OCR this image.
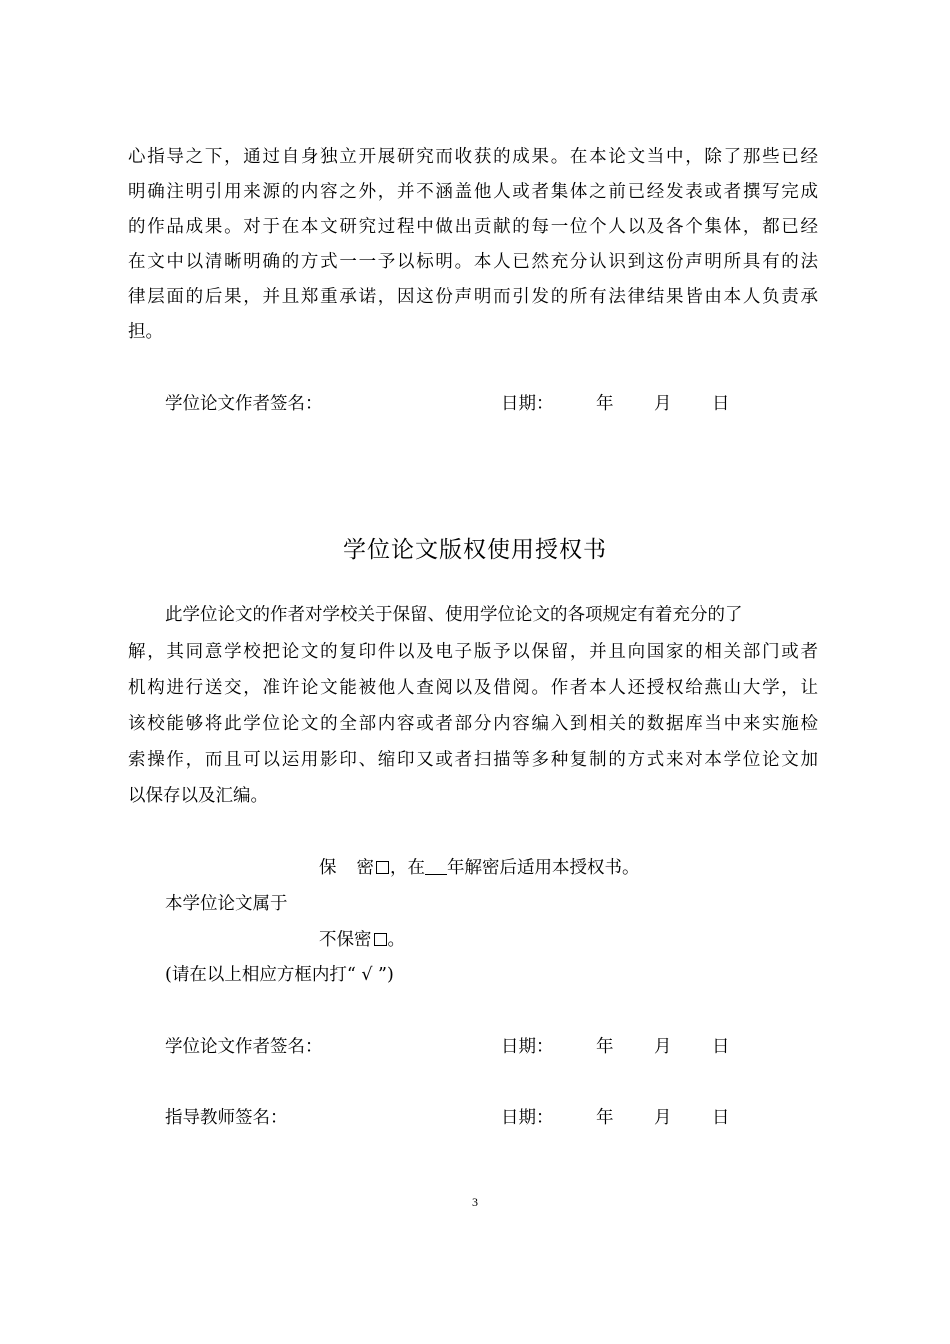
心指导之下，通过自身独立开展研究而收获的成果。在本论文当中，除了那些已经
明确注明引用来源的内容之外，并不涵盖他人或者集体之前已经发表或者撰写完成
的作品成果。对于在本文研究过程中做出贡献的每一位个人以及各个集体，都已经
在文中以清晰明确的方式一一予以标明。本人已然充分认识到这份声明所具有的法
律层面的后果，并且郑重承诺，因这份声明而引发的所有法律结果皆由本人负责承
担。
学位论文作者签名：	日期： 年 月 日
学位论文版权使用授权书
此学位论文的作者对学校关于保留、使用学位论文的各项规定有着充分的了
解，其同意学校把论文的复印件以及电子版予以保留，并且向国家的相关部门或者
机构进行送交，准许论文能被他人查阅以及借阅。作者本人还授权给燕山大学，让
该校能够将此学位论文的全部内容或者部分内容编入到相关的数据库当中来实施检
索操作，而且可以运用影印、缩印又或者扫描等多种复制的方式来对本学位论文加
以保存以及汇编。
保 密 ，在 年解密后适用本授权书。
本学位论文属于
不保密 。
(请在以上相应方框内打“ √ ”)
学位论文作者签名：	日期： 年 月 日
指导教师签名：	日期： 年 月 日
3
